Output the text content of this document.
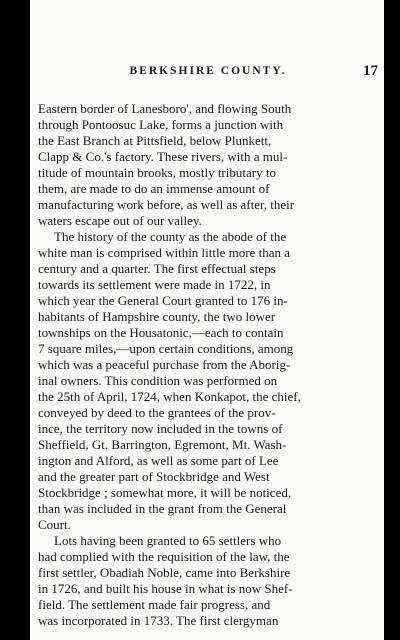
BERKSHIRE COUNTY.	17
Eastern border of Lanesboro', and flowing South
through Pontoosuc Lake, forms a junction with
the East Branch at Pittsfield, below Plunkett,
Clapp & Co.'s factory. These rivers, with a mul-
titude of mountain brooks, mostly tributary to
them, are made to do an immense amount of
manufacturing work before, as well as after, their
waters escape out of our valley.
The history of the county as the abode of the
white man is comprised within little more than a
century and a quarter. The first effectual steps
towards its settlement were made in 1722, in
which year the General Court granted to 176 in-
habitants of Hampshire county, the two lower
townships on the Housatonic,—each to contain
7 square miles,—upon certain conditions, among
which was a peaceful purchase from the Aborig-
inal owners. This condition was performed on
the 25th of April, 1724, when Konkapot, the chief,
conveyed by deed to the grantees of the prov-
ince, the territory now included in the towns of
Sheffield, Gt. Barrington, Egremont, Mt. Wash-
ington and Alford, as well as some part of Lee
and the greater part of Stockbridge and West
Stockbridge ; somewhat more, it will be noticed,
than was included in the grant from the General
Court.
Lots having been granted to 65 settlers who
had complied with the requisition of the law, the
first settler, Obadiah Noble, came into Berkshire
in 1726, and built his house in what is now Shef-
field. The settlement made fair progress, and
was incorporated in 1733. The first clergyman
